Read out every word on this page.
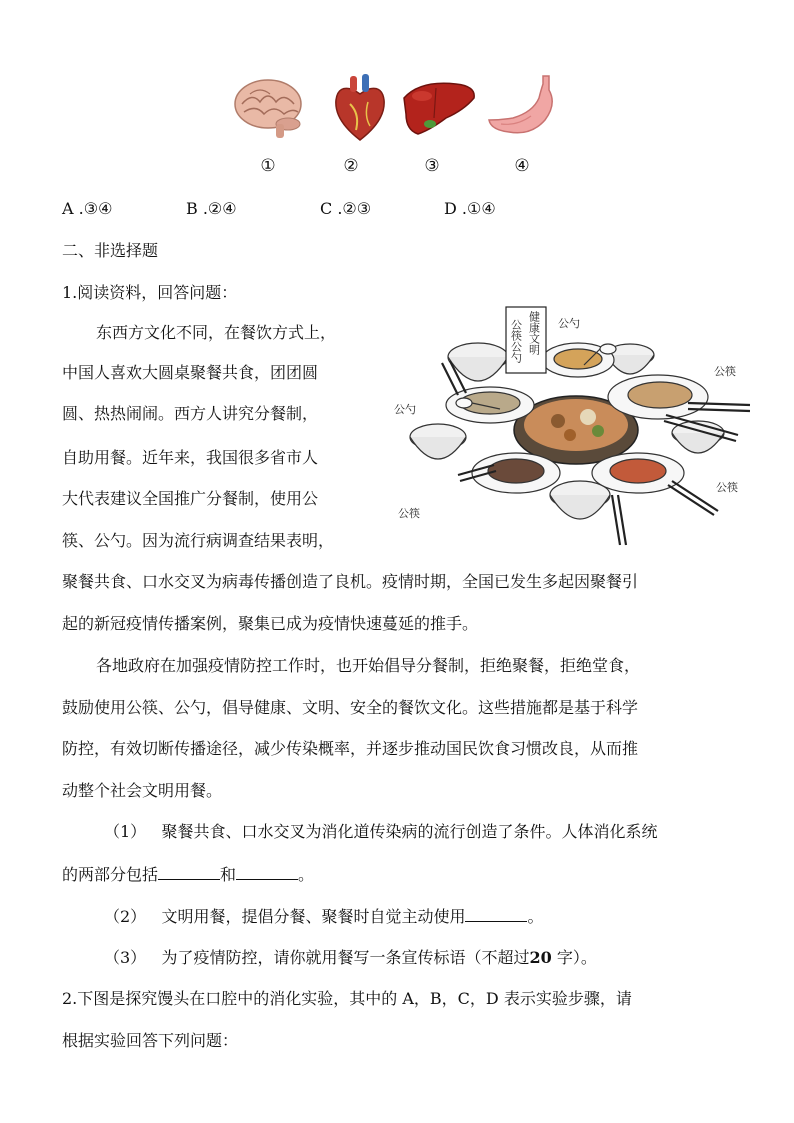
①	②	③	④
A .③④	B .②④	C .②③	D .①④
二、非选择题
1.阅读资料，回答问题：
东西方文化不同，在餐饮方式上，
中国人喜欢大圆桌聚餐共食，团团圆
圆、热热闹闹。西方人讲究分餐制，
自助用餐。近年来，我国很多省市人
大代表建议全国推广分餐制，使用公
筷、公勺。因为流行病调查结果表明，
聚餐共食、口水交叉为病毒传播创造了良机。疫情时期，全国已发生多起因聚餐引
起的新冠疫情传播案例，聚集已成为疫情快速蔓延的推手。
各地政府在加强疫情防控工作时，也开始倡导分餐制，拒绝聚餐，拒绝堂食，
鼓励使用公筷、公勺，倡导健康、文明、安全的餐饮文化。这些措施都是基于科学
防控，有效切断传播途径，减少传染概率，并逐步推动国民饮食习惯改良，从而推
动整个社会文明用餐。
（1） 聚餐共食、口水交叉为消化道传染病的流行创造了条件。人体消化系统
的两部分包括	和	。
（2） 文明用餐，提倡分餐、聚餐时自觉主动使用	。
（3） 为了疫情防控，请你就用餐写一条宣传标语（不超过20 字）。
2.下图是探究馒头在口腔中的消化实验，其中的 A，B，C，D 表示实验步骤，请
根据实验回答下列问题：
公筷公勺 健康文明 公勺
公勺
公筷
公筷
公筷
